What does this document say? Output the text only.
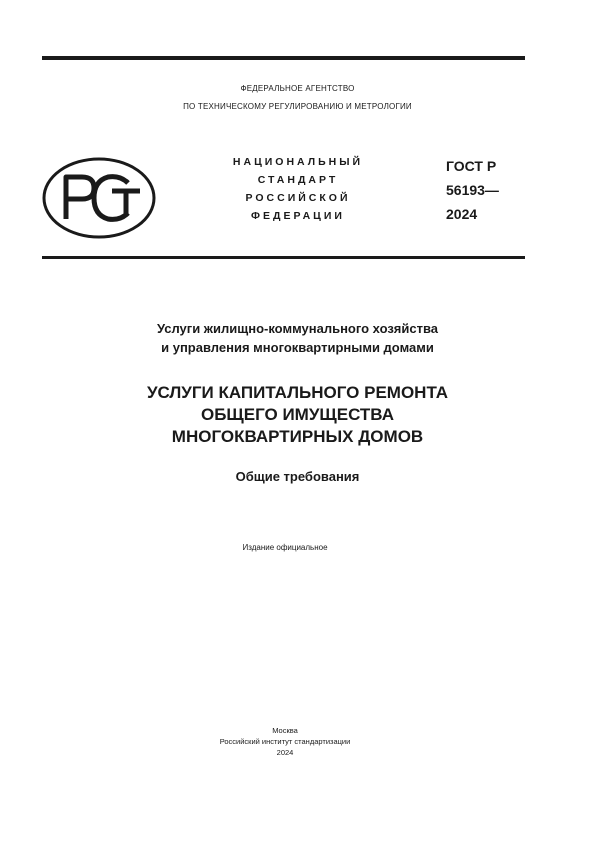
ФЕДЕРАЛЬНОЕ АГЕНТСТВО
ПО ТЕХНИЧЕСКОМУ РЕГУЛИРОВАНИЮ И МЕТРОЛОГИИ
НАЦИОНАЛЬНЫЙ
СТАНДАРТ
РОССИЙСКОЙ
ФЕДЕРАЦИИ
ГОСТ Р
56193—
2024
Услуги жилищно-коммунального хозяйства
и управления многоквартирными домами
УСЛУГИ КАПИТАЛЬНОГО РЕМОНТА
ОБЩЕГО ИМУЩЕСТВА
МНОГОКВАРТИРНЫХ ДОМОВ
Общие требования
Издание официальное
Москва
Российский институт стандартизации
2024
